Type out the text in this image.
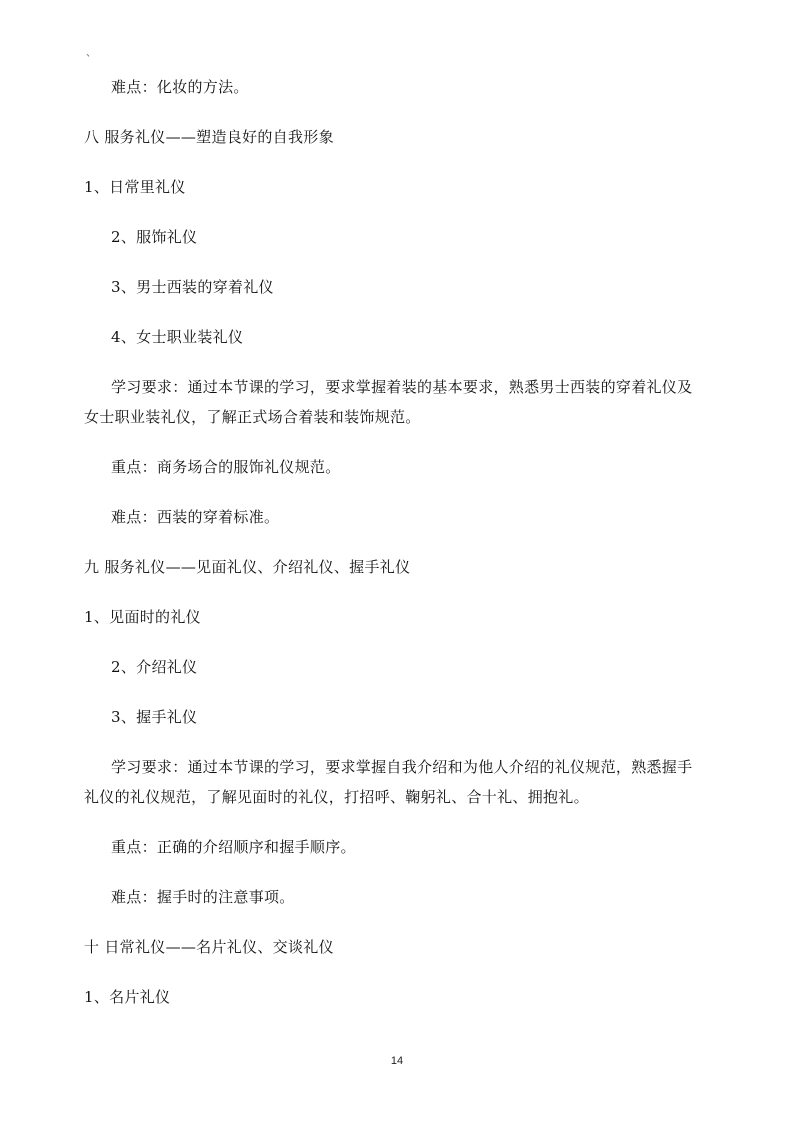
、
难点：化妆的方法。
八 服务礼仪——塑造良好的自我形象
1、日常里礼仪
2、服饰礼仪
3、男士西装的穿着礼仪
4、女士职业装礼仪
学习要求：通过本节课的学习，要求掌握着装的基本要求，熟悉男士西装的穿着礼仪及
女士职业装礼仪，了解正式场合着装和装饰规范。
重点：商务场合的服饰礼仪规范。
难点：西装的穿着标准。
九 服务礼仪——见面礼仪、介绍礼仪、握手礼仪
1、见面时的礼仪
2、介绍礼仪
3、握手礼仪
学习要求：通过本节课的学习，要求掌握自我介绍和为他人介绍的礼仪规范，熟悉握手
礼仪的礼仪规范，了解见面时的礼仪，打招呼、鞠躬礼、合十礼、拥抱礼。
重点：正确的介绍顺序和握手顺序。
难点：握手时的注意事项。
十 日常礼仪——名片礼仪、交谈礼仪
1、名片礼仪
14
